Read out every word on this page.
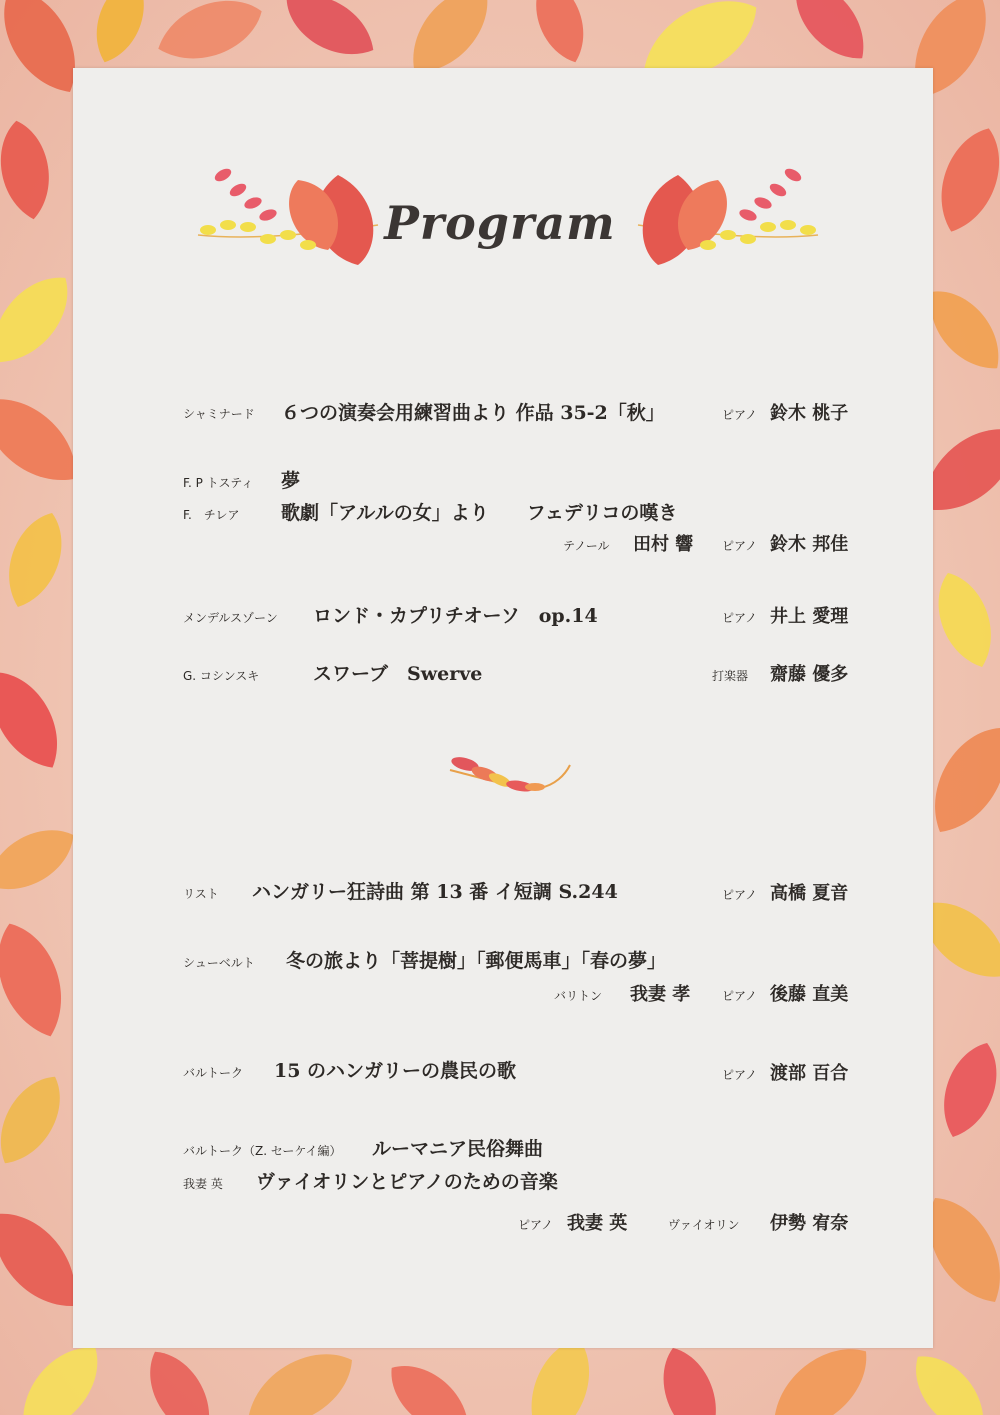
Program
シャミナード ６つの演奏会用練習曲より 作品 35-2「秋」	ピアノ 鈴木 桃子
F. P トスティ 夢
F.　チレア 歌劇「アルルの女」より　　フェデリコの嘆き
テノール 田村 響 ピアノ 鈴木 邦佳
メンデルスゾーン ロンド・カプリチオーソ　op.14	ピアノ 井上 愛理
G. コシンスキ	スワーブ　Swerve	打楽器 齋藤 優多
リスト ハンガリー狂詩曲 第 13 番 イ短調 S.244	ピアノ 高橋 夏音
シューベルト 冬の旅より「菩提樹」「郵便馬車」「春の夢」
バリトン 我妻 孝	ピアノ 後藤 直美
バルトーク 15 のハンガリーの農民の歌	ピアノ 渡部 百合
バルトーク（Z. セーケイ編） ルーマニア民俗舞曲
我妻 英 ヴァイオリンとピアノのための音楽
ピアノ 我妻 英	ヴァイオリン 伊勢 宥奈
